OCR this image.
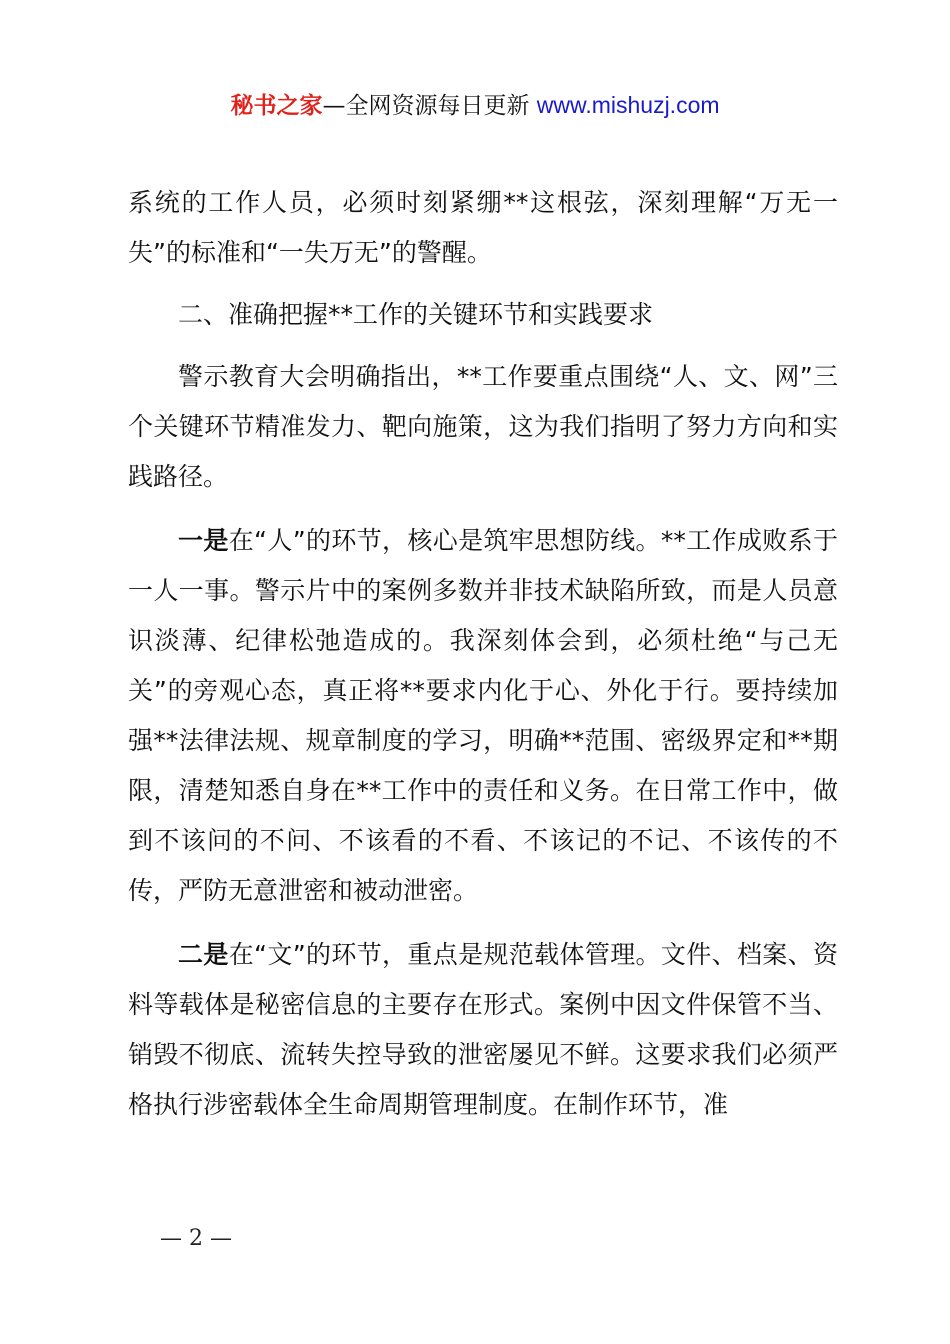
秘书之家—全网资源每日更新 www.mishuzj.com

系统的工作人员，必须时刻紧绷**这根弦，深刻理解“万无一失”的标准和“一失万无”的警醒。

二、准确把握**工作的关键环节和实践要求

警示教育大会明确指出，**工作要重点围绕“人、文、网”三个关键环节精准发力、靶向施策，这为我们指明了努力方向和实践路径。

一是在“人”的环节，核心是筑牢思想防线。**工作成败系于一人一事。警示片中的案例多数并非技术缺陷所致，而是人员意识淡薄、纪律松弛造成的。我深刻体会到，必须杜绝“与己无关”的旁观心态，真正将**要求内化于心、外化于行。要持续加强**法律法规、规章制度的学习，明确**范围、密级界定和**期限，清楚知悉自身在**工作中的责任和义务。在日常工作中，做到不该问的不问、不该看的不看、不该记的不记、不该传的不传，严防无意泄密和被动泄密。

二是在“文”的环节，重点是规范载体管理。文件、档案、资料等载体是秘密信息的主要存在形式。案例中因文件保管不当、销毁不彻底、流转失控导致的泄密屡见不鲜。这要求我们必须严格执行涉密载体全生命周期管理制度。在制作环节，准

— 2 —
